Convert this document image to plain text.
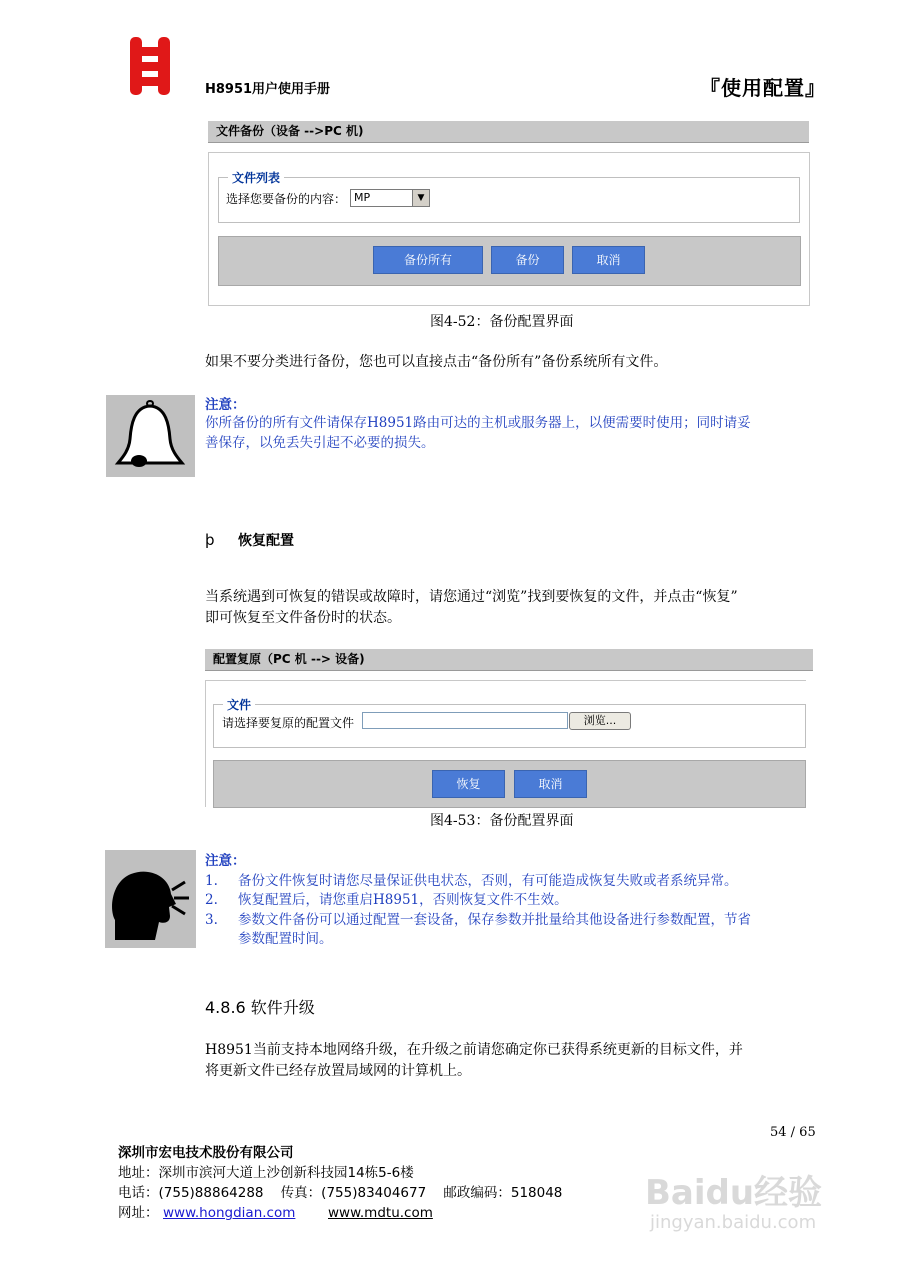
H8951用户使用手册	『使用配置』
文件备份（设备 -->PC 机)
文件列表
选择您要备份的内容： MP	▼
备份所有	备份	取消
图4-52：备份配置界面
如果不要分类进行备份，您也可以直接点击“备份所有”备份系统所有文件。
注意：
你所备份的所有文件请保存H8951路由可达的主机或服务器上，以便需要时使用；同时请妥
善保存，以免丢失引起不必要的损失。
þ 恢复配置
当系统遇到可恢复的错误或故障时，请您通过“浏览”找到要恢复的文件，并点击“恢复”
即可恢复至文件备份时的状态。
配置复原（PC 机 --> 设备)
文件
请选择要复原的配置文件	浏览...
恢复	取消
图4-53：备份配置界面
注意：
1. 备份文件恢复时请您尽量保证供电状态，否则，有可能造成恢复失败或者系统异常。
2. 恢复配置后，请您重启H8951，否则恢复文件不生效。
3. 参数文件备份可以通过配置一套设备，保存参数并批量给其他设备进行参数配置，节省
参数配置时间。
4.8.6 软件升级
H8951当前支持本地网络升级，在升级之前请您确定你已获得系统更新的目标文件，并
将更新文件已经存放置局域网的计算机上。
54 / 65
深圳市宏电技术股份有限公司
地址：深圳市滨河大道上沙创新科技园14栋5-6楼
电话：(755)88864288    传真：(755)83404677    邮政编码：518048
网址： www.hongdian.com www.mdtu.com	Baidu经验
jingyan.baidu.com
